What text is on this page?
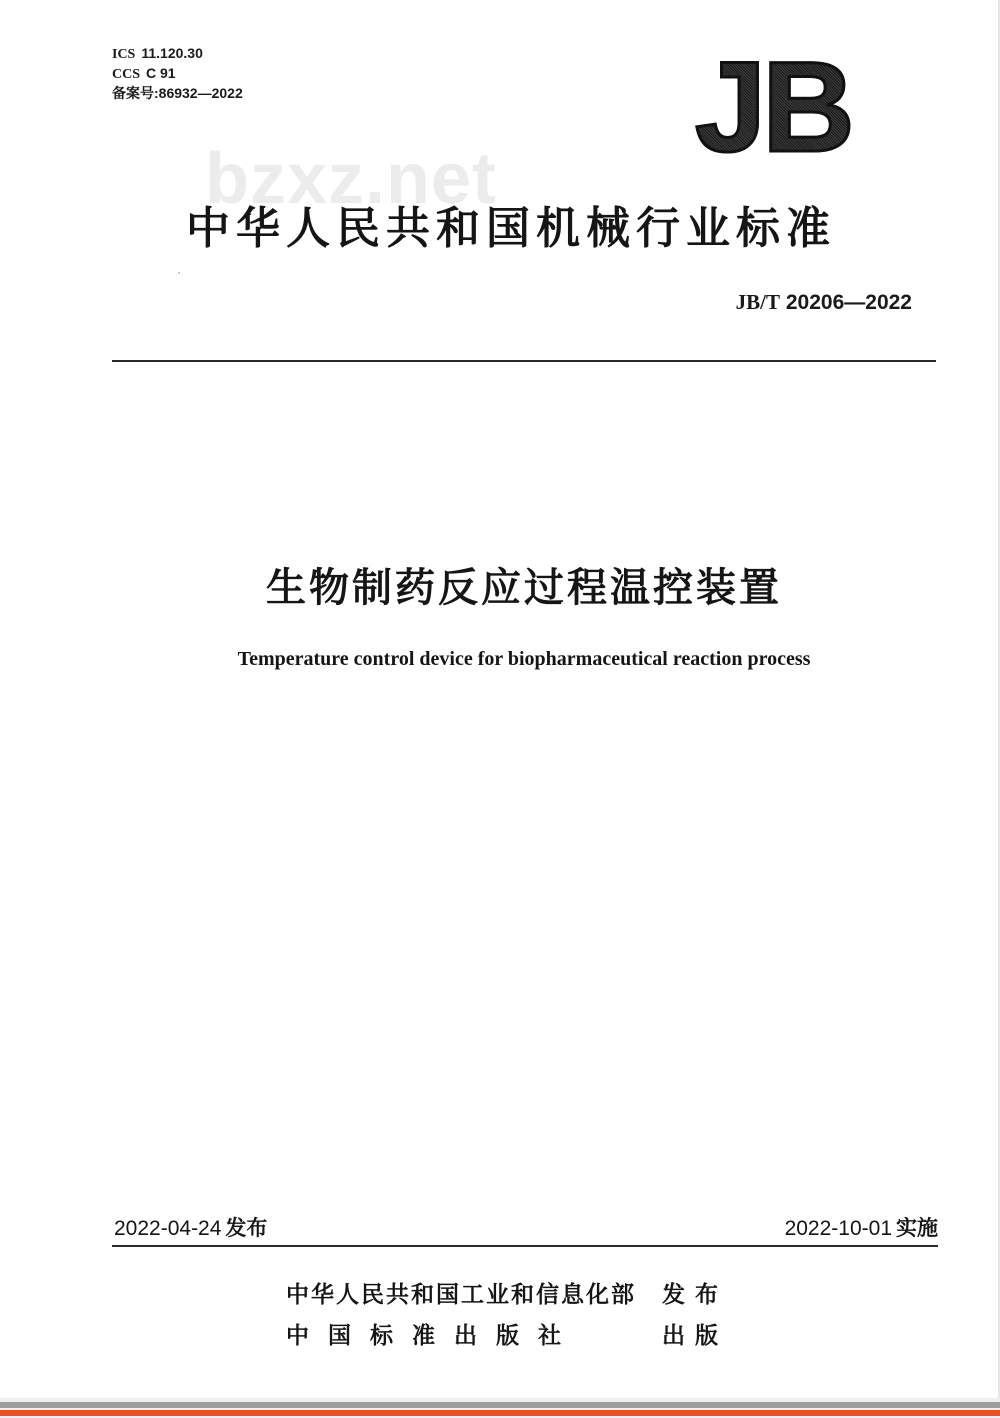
ICS 11.120.30
CCS C 91
备案号:86932—2022
bzxz.net JB
中华人民共和国机械行业标准
JB/T 20206—2022
生物制药反应过程温控装置
Temperature control device for biopharmaceutical reaction process
2022-04-24 发布	2022-10-01 实施
中华人民共和国工业和信息化部 发布
中国标准出版社	出版
